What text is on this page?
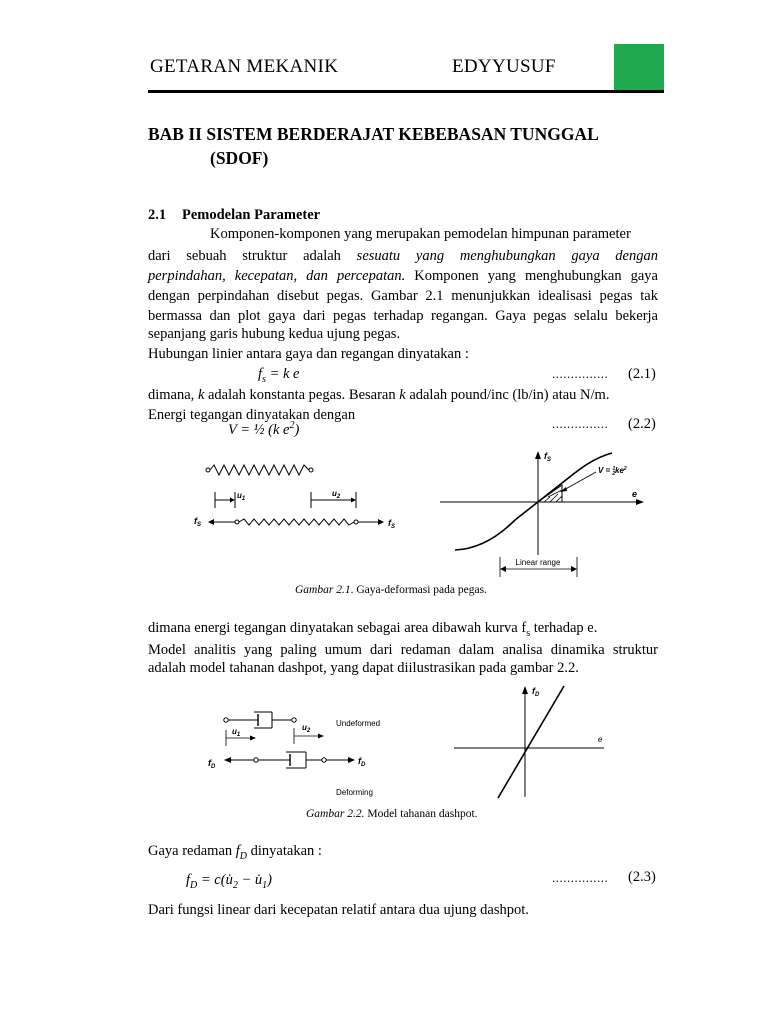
GETARAN MEKANIK	EDYYUSUF
BAB II SISTEM BERDERAJAT KEBEBASAN TUNGGAL
(SDOF)
2.1 Pemodelan Parameter
Komponen-komponen yang merupakan pemodelan himpunan parameter
dari sebuah struktur adalah sesuatu yang menghubungkan gaya dengan
perpindahan, kecepatan, dan percepatan. Komponen yang menghubungkan gaya
dengan perpindahan disebut pegas. Gambar 2.1 menunjukkan idealisasi pegas tak
bermassa dan plot gaya dari pegas terhadap regangan. Gaya pegas selalu bekerja
sepanjang garis hubung kedua ujung pegas.
Hubungan linier antara gaya dan regangan dinyatakan :
$f_s = k$ e	............... (2.1)
dimana, k adalah konstanta pegas. Besaran k adalah pound/inc (lb/in) atau N/m.
Energi tegangan dinyatakan dengan
V = ½ (k $e^2$)	............... (2.2)
$u_1$
$u_2$
$f_S$	$f_S$
$f_S$
e
V = $^1$ $2ke^2$
Linear range
Gambar 2.1. Gaya-deformasi pada pegas.
dimana energi tegangan dinyatakan sebagai area dibawah kurva $f_s$ terhadap e.
Model analitis yang paling umum dari redaman dalam analisa dinamika struktur
adalah model tahanan dashpot, yang dapat diilustrasikan pada gambar 2.2.
Undeformed
$u_1$
$u_2$
$f_D$
$f_D$
Deforming
$f_D$
e
Gambar 2.2. Model tahanan dashpot.
Gaya redaman $f_D$ dinyatakan :
$f_D$ = $c(u̇_2$ − $u̇_1$)	............... (2.3)
Dari fungsi linear dari kecepatan relatif antara dua ujung dashpot.
